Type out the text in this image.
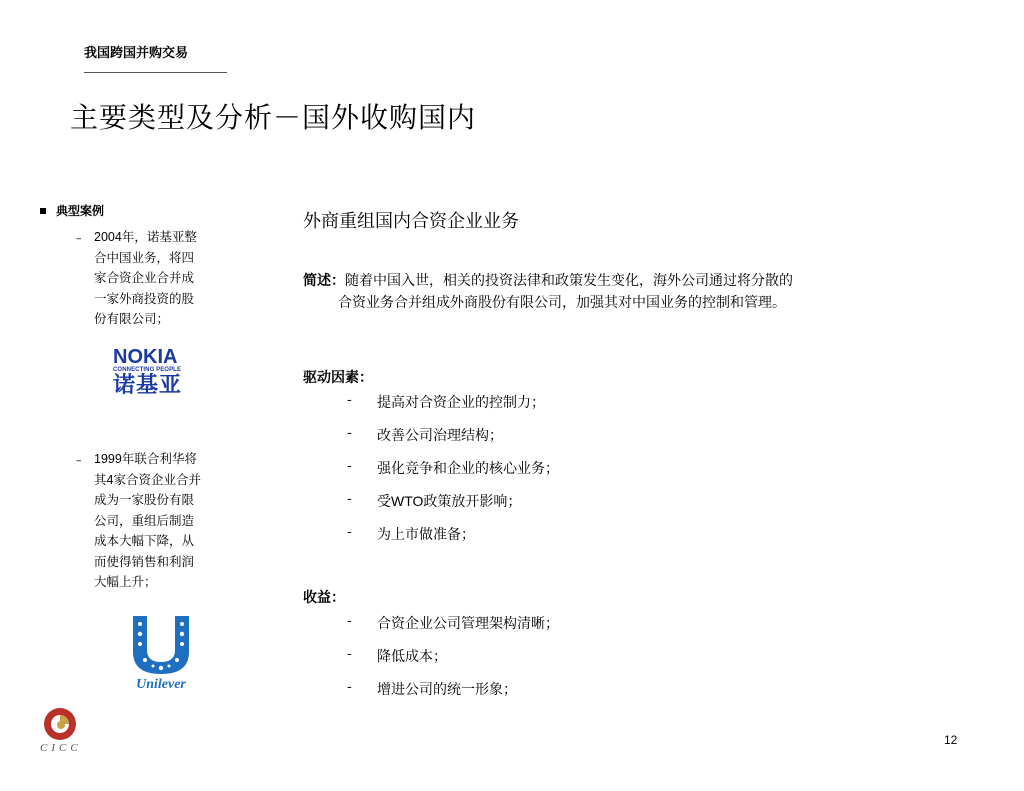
我国跨国并购交易
主要类型及分析－国外收购国内
典型案例
– 2004年，诺基亚整
合中国业务，将四
家合资企业合并成
一家外商投资的股
份有限公司；
NOKIA
CONNECTING PEOPLE
诺基亚
– 1999年联合利华将
其4家合资企业合并
成为一家股份有限
公司，重组后制造
成本大幅下降，从
而使得销售和利润
大幅上升；
Unilever
外商重组国内合资企业业务
简述：随着中国入世，相关的投资法律和政策发生变化，海外公司通过将分散的
合资业务合并组成外商股份有限公司，加强其对中国业务的控制和管理。
驱动因素：
-	提高对合资企业的控制力；
-	改善公司治理结构；
-	强化竞争和企业的核心业务；
-	受WTO政策放开影响；
-	为上市做准备；
收益：
-	合资企业公司管理架构清晰；
-	降低成本；
-	增进公司的统一形象；
CICC
12
